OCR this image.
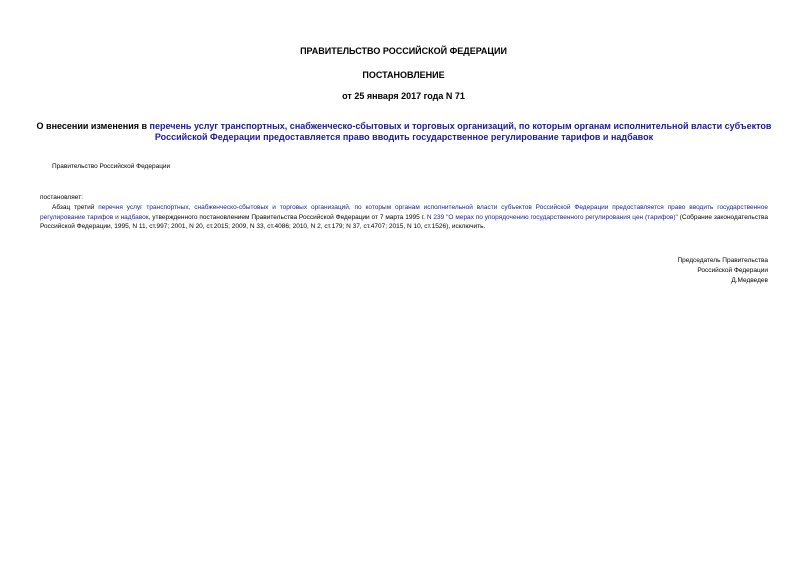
ПРАВИТЕЛЬСТВО РОССИЙСКОЙ ФЕДЕРАЦИИ
ПОСТАНОВЛЕНИЕ
от 25 января 2017 года N 71
О внесении изменения в перечень услуг транспортных, снабженческо-сбытовых и торговых организаций, по которым органам исполнительной власти субъектов Российской Федерации предоставляется право вводить государственное регулирование тарифов и надбавок
Правительство Российской Федерации
постановляет:
Абзац третий перечня услуг транспортных, снабженческо-сбытовых и торговых организаций, по которым органам исполнительной власти субъектов Российской Федерации предоставляется право вводить государственное регулирование тарифов и надбавок, утвержденного постановлением Правительства Российской Федерации от 7 марта 1995 г. N 239 "О мерах по упорядочению государственного регулирования цен (тарифов)" (Собрание законодательства Российской Федерации, 1995, N 11, ст.997; 2001, N 20, ст.2015; 2009, N 33, ст.4086; 2010, N 2, ст.179; N 37, ст.4707; 2015, N 10, ст.1526), исключить.
Председатель Правительства
Российской Федерации
Д.Медведев
